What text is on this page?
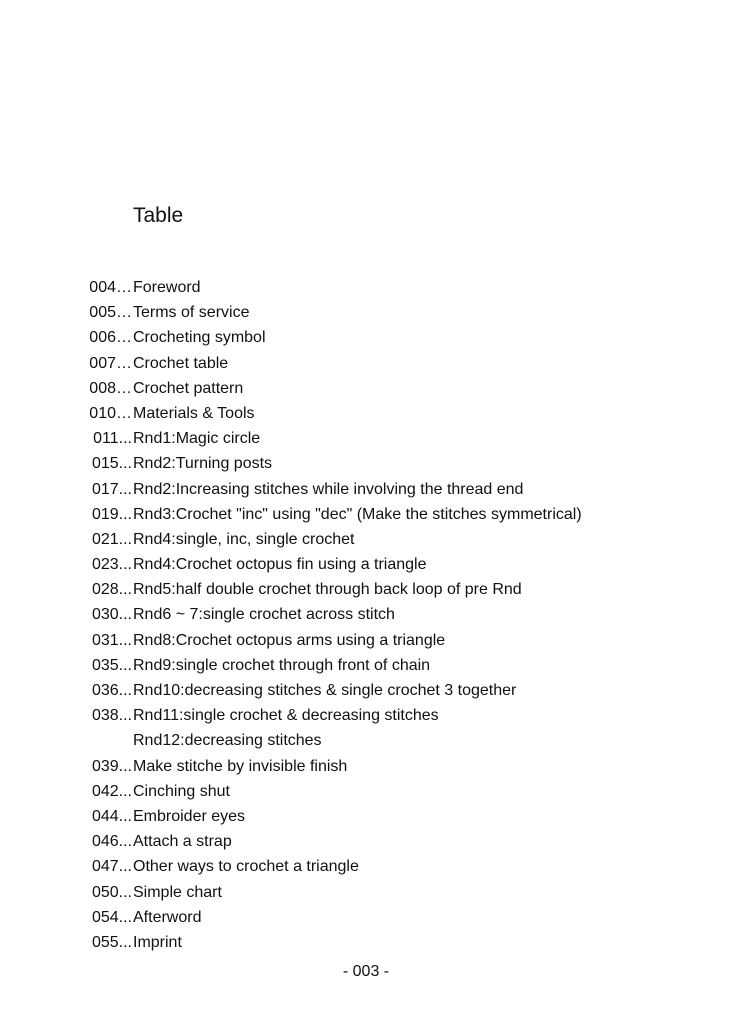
Table
004… Foreword
005… Terms of service
006… Crocheting symbol
007… Crochet table
008… Crochet pattern
010… Materials & Tools
011... Rnd1:Magic circle
015... Rnd2:Turning posts
017... Rnd2:Increasing stitches while involving the thread end
019... Rnd3:Crochet "inc" using "dec" (Make the stitches symmetrical)
021... Rnd4:single, inc, single crochet
023... Rnd4:Crochet octopus fin using a triangle
028... Rnd5:half double crochet through back loop of pre Rnd
030... Rnd6 ~ 7:single crochet across stitch
031... Rnd8:Crochet octopus arms using a triangle
035... Rnd9:single crochet through front of chain
036... Rnd10:decreasing stitches & single crochet 3 together
038... Rnd11:single crochet & decreasing stitches
Rnd12:decreasing stitches
039... Make stitche by invisible finish
042... Cinching shut
044... Embroider eyes
046... Attach a strap
047... Other ways to crochet a triangle
050... Simple chart
054... Afterword
055... Imprint
- 003 -
